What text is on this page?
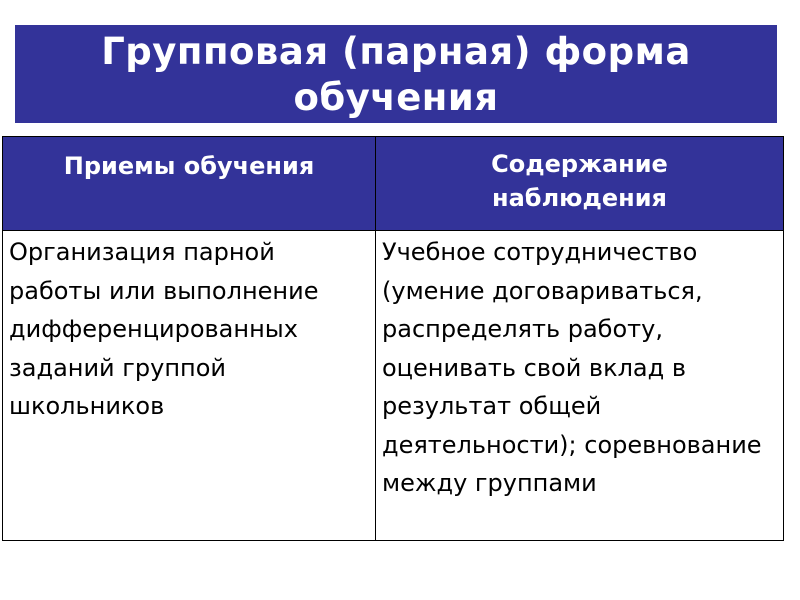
Групповая (парная) форма обучения
Приемы обучения	Содержание наблюдения
Организация парной работы или выполнение дифференцированных заданий группой школьников	Учебное сотрудничество (умение договариваться, распределять работу, оценивать свой вклад в результат общей деятельности); соревнование между группами
